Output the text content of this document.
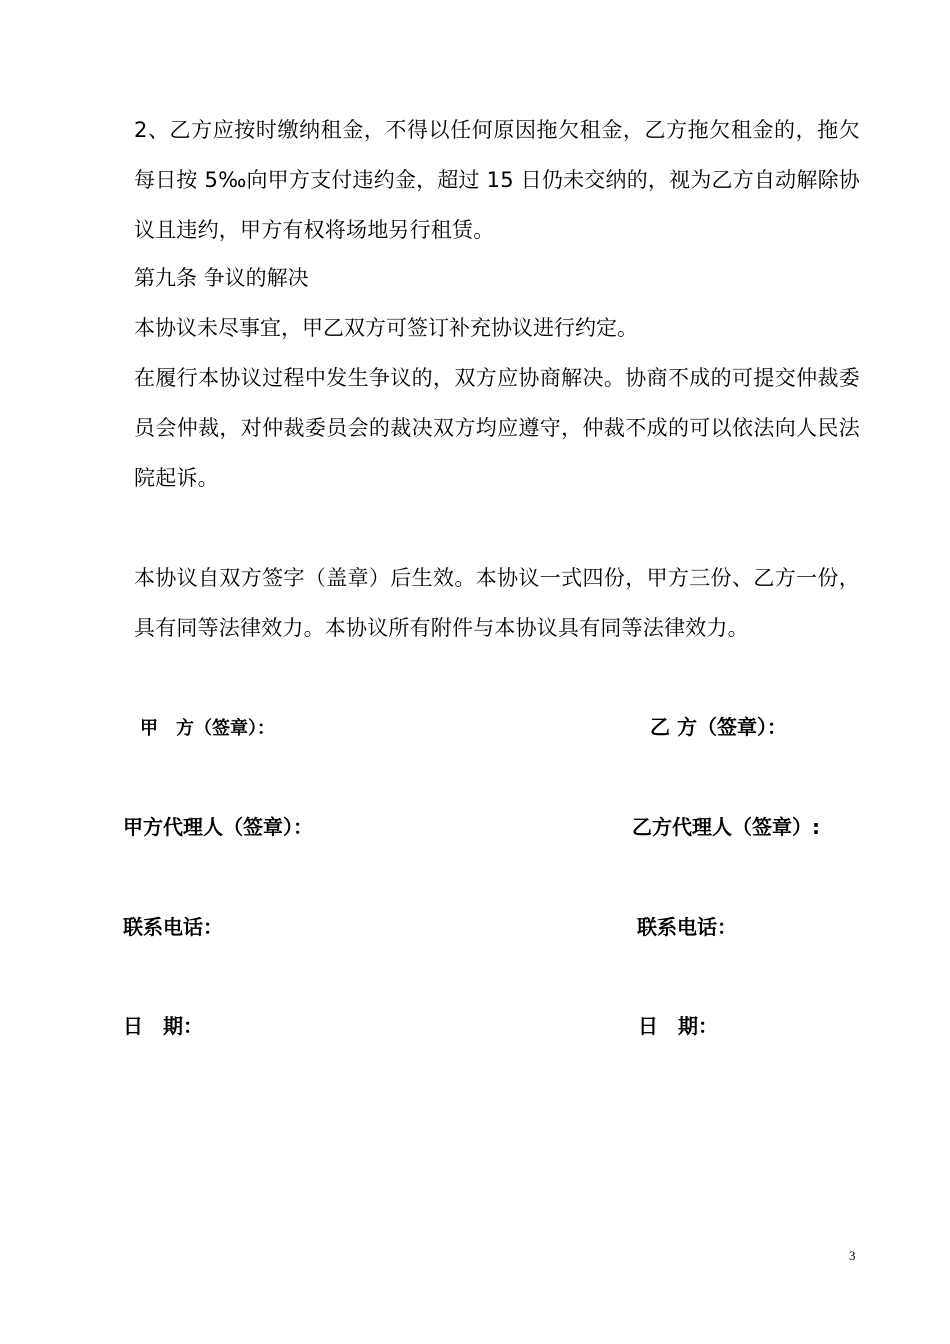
2、乙方应按时缴纳租金，不得以任何原因拖欠租金，乙方拖欠租金的，拖欠每日按 5‰向甲方支付违约金，超过 15 日仍未交纳的，视为乙方自动解除协议且违约，甲方有权将场地另行租赁。

第九条 争议的解决
本协议未尽事宜，甲乙双方可签订补充协议进行约定。

在履行本协议过程中发生争议的，双方应协商解决。协商不成的可提交仲裁委员会仲裁，对仲裁委员会的裁决双方均应遵守，仲裁不成的可以依法向人民法院起诉。

本协议自双方签字（盖章）后生效。本协议一式四份，甲方三份、乙方一份，具有同等法律效力。本协议所有附件与本协议具有同等法律效力。

甲　方（签章）：	乙 方（签章）：
甲方代理人（签章）：	乙方代理人（签章）:
联系电话：	联系电话：
日　期：	日　期：
3
